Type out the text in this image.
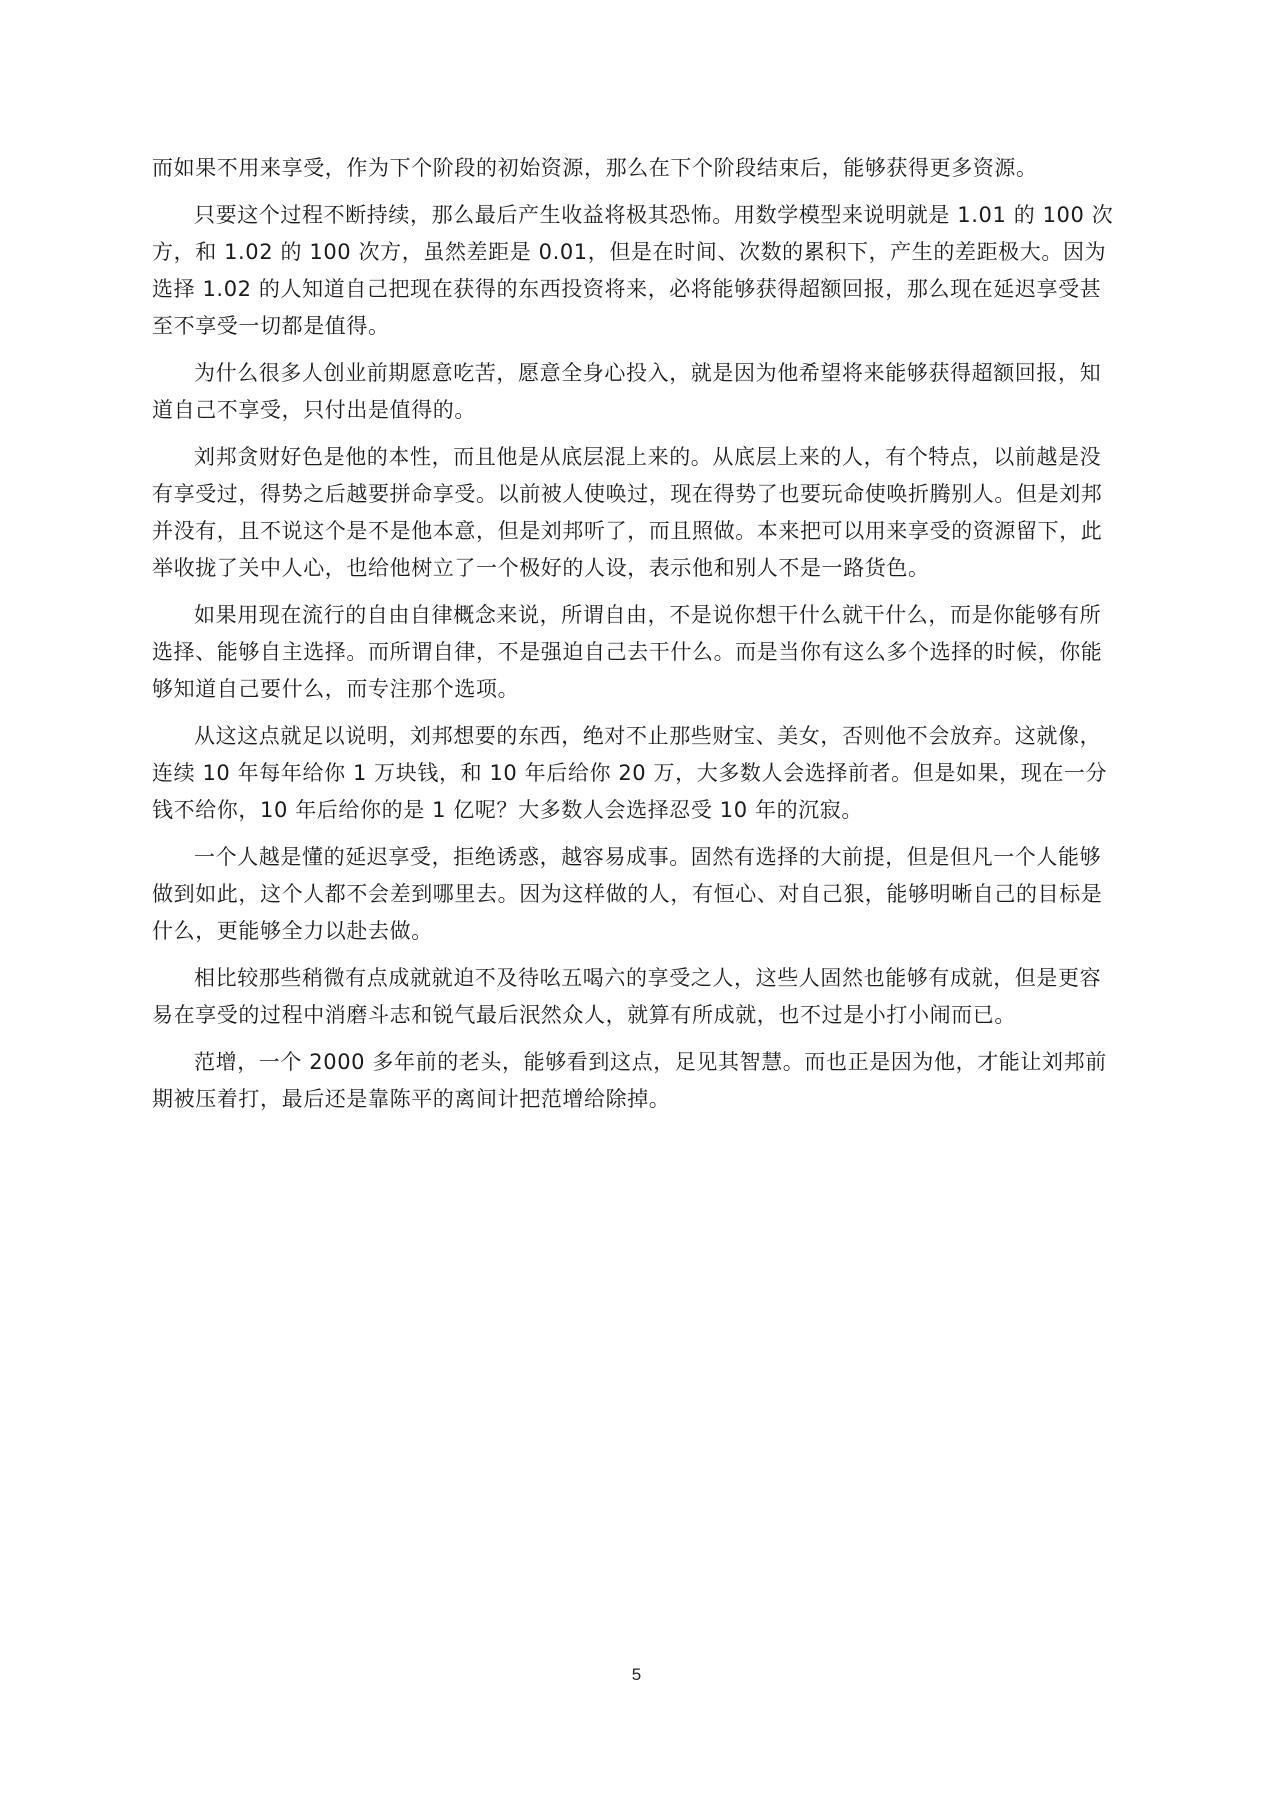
而如果不用来享受，作为下个阶段的初始资源，那么在下个阶段结束后，能够获得更多资源。

只要这个过程不断持续，那么最后产生收益将极其恐怖。用数学模型来说明就是 1.01 的 100 次方，和 1.02 的 100 次方，虽然差距是 0.01，但是在时间、次数的累积下，产生的差距极大。因为选择 1.02 的人知道自己把现在获得的东西投资将来，必将能够获得超额回报，那么现在延迟享受甚至不享受一切都是值得。

为什么很多人创业前期愿意吃苦，愿意全身心投入，就是因为他希望将来能够获得超额回报，知道自己不享受，只付出是值得的。

刘邦贪财好色是他的本性，而且他是从底层混上来的。从底层上来的人，有个特点，以前越是没有享受过，得势之后越要拼命享受。以前被人使唤过，现在得势了也要玩命使唤折腾别人。但是刘邦并没有，且不说这个是不是他本意，但是刘邦听了，而且照做。本来把可以用来享受的资源留下，此举收拢了关中人心，也给他树立了一个极好的人设，表示他和别人不是一路货色。

如果用现在流行的自由自律概念来说，所谓自由，不是说你想干什么就干什么，而是你能够有所选择、能够自主选择。而所谓自律，不是强迫自己去干什么。而是当你有这么多个选择的时候，你能够知道自己要什么，而专注那个选项。

从这这点就足以说明，刘邦想要的东西，绝对不止那些财宝、美女，否则他不会放弃。这就像，连续 10 年每年给你 1 万块钱，和 10 年后给你 20 万，大多数人会选择前者。但是如果，现在一分钱不给你，10 年后给你的是 1 亿呢？大多数人会选择忍受 10 年的沉寂。

一个人越是懂的延迟享受，拒绝诱惑，越容易成事。固然有选择的大前提，但是但凡一个人能够做到如此，这个人都不会差到哪里去。因为这样做的人，有恒心、对自己狠，能够明晰自己的目标是什么，更能够全力以赴去做。

相比较那些稍微有点成就就迫不及待吆五喝六的享受之人，这些人固然也能够有成就，但是更容易在享受的过程中消磨斗志和锐气最后泯然众人，就算有所成就，也不过是小打小闹而已。

范增，一个 2000 多年前的老头，能够看到这点，足见其智慧。而也正是因为他，才能让刘邦前期被压着打，最后还是靠陈平的离间计把范增给除掉。

5
